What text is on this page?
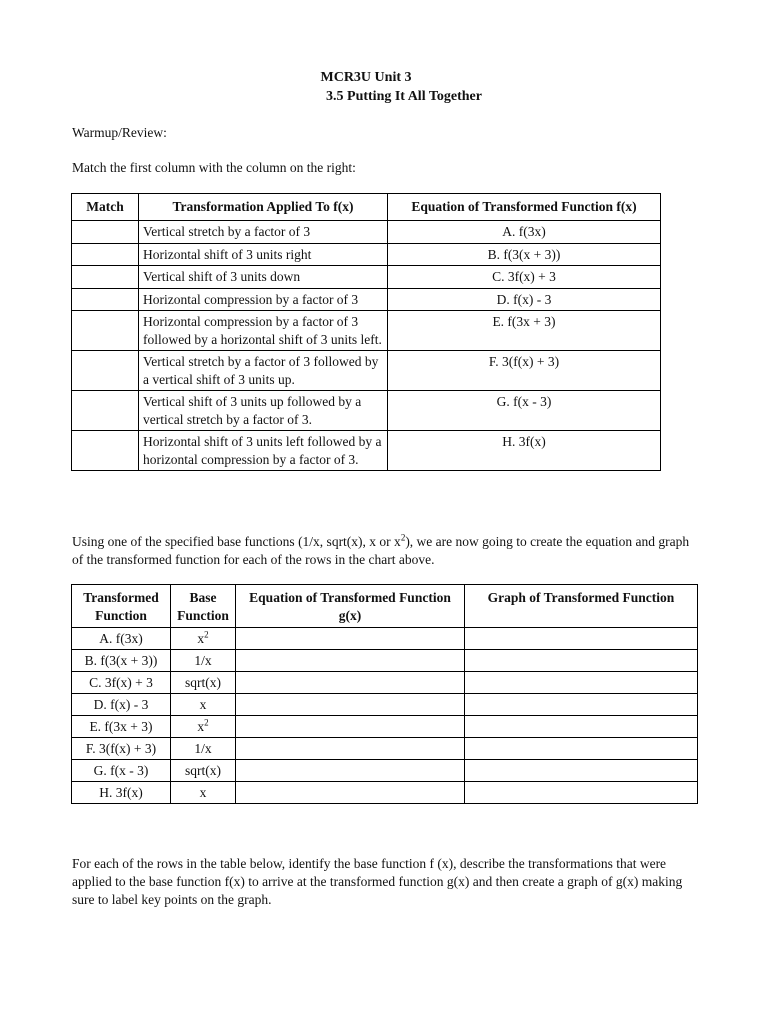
MCR3U Unit 3
3.5 Putting It All Together
Warmup/Review:
Match the first column with the column on the right:
Match	Transformation Applied To f(x)	Equation of Transformed Function f(x)
	Vertical stretch by a factor of 3	A. f(3x)
	Horizontal shift of 3 units right	B. f(3(x + 3))
	Vertical shift of 3 units down	C. 3f(x) + 3
	Horizontal compression by a factor of 3	D. f(x) - 3
	Horizontal compression by a factor of 3 followed by a horizontal shift of 3 units left.	E. f(3x + 3)
	Vertical stretch by a factor of 3 followed by a vertical shift of 3 units up.	F. 3(f(x) + 3)
	Vertical shift of 3 units up followed by a vertical stretch by a factor of 3.	G. f(x - 3)
	Horizontal shift of 3 units left followed by a horizontal compression by a factor of 3.	H. 3f(x)
Using one of the specified base functions (1/x, sqrt(x), x or $x^2$), we are now going to create the equation and graph of the transformed function for each of the rows in the chart above.
Transformed Function	Base Function	Equation of Transformed Function g(x)	Graph of Transformed Function
A. f(3x)	$x^2$		
B. f(3(x + 3))	1/x		
C. 3f(x) + 3	sqrt(x)		
D. f(x) - 3	x		
E. f(3x + 3)	$x^2$		
F. 3(f(x) + 3)	1/x		
G. f(x - 3)	sqrt(x)		
H. 3f(x)	x		
For each of the rows in the table below, identify the base function f (x), describe the transformations that were applied to the base function f(x) to arrive at the transformed function g(x) and then create a graph of g(x) making sure to label key points on the graph.
